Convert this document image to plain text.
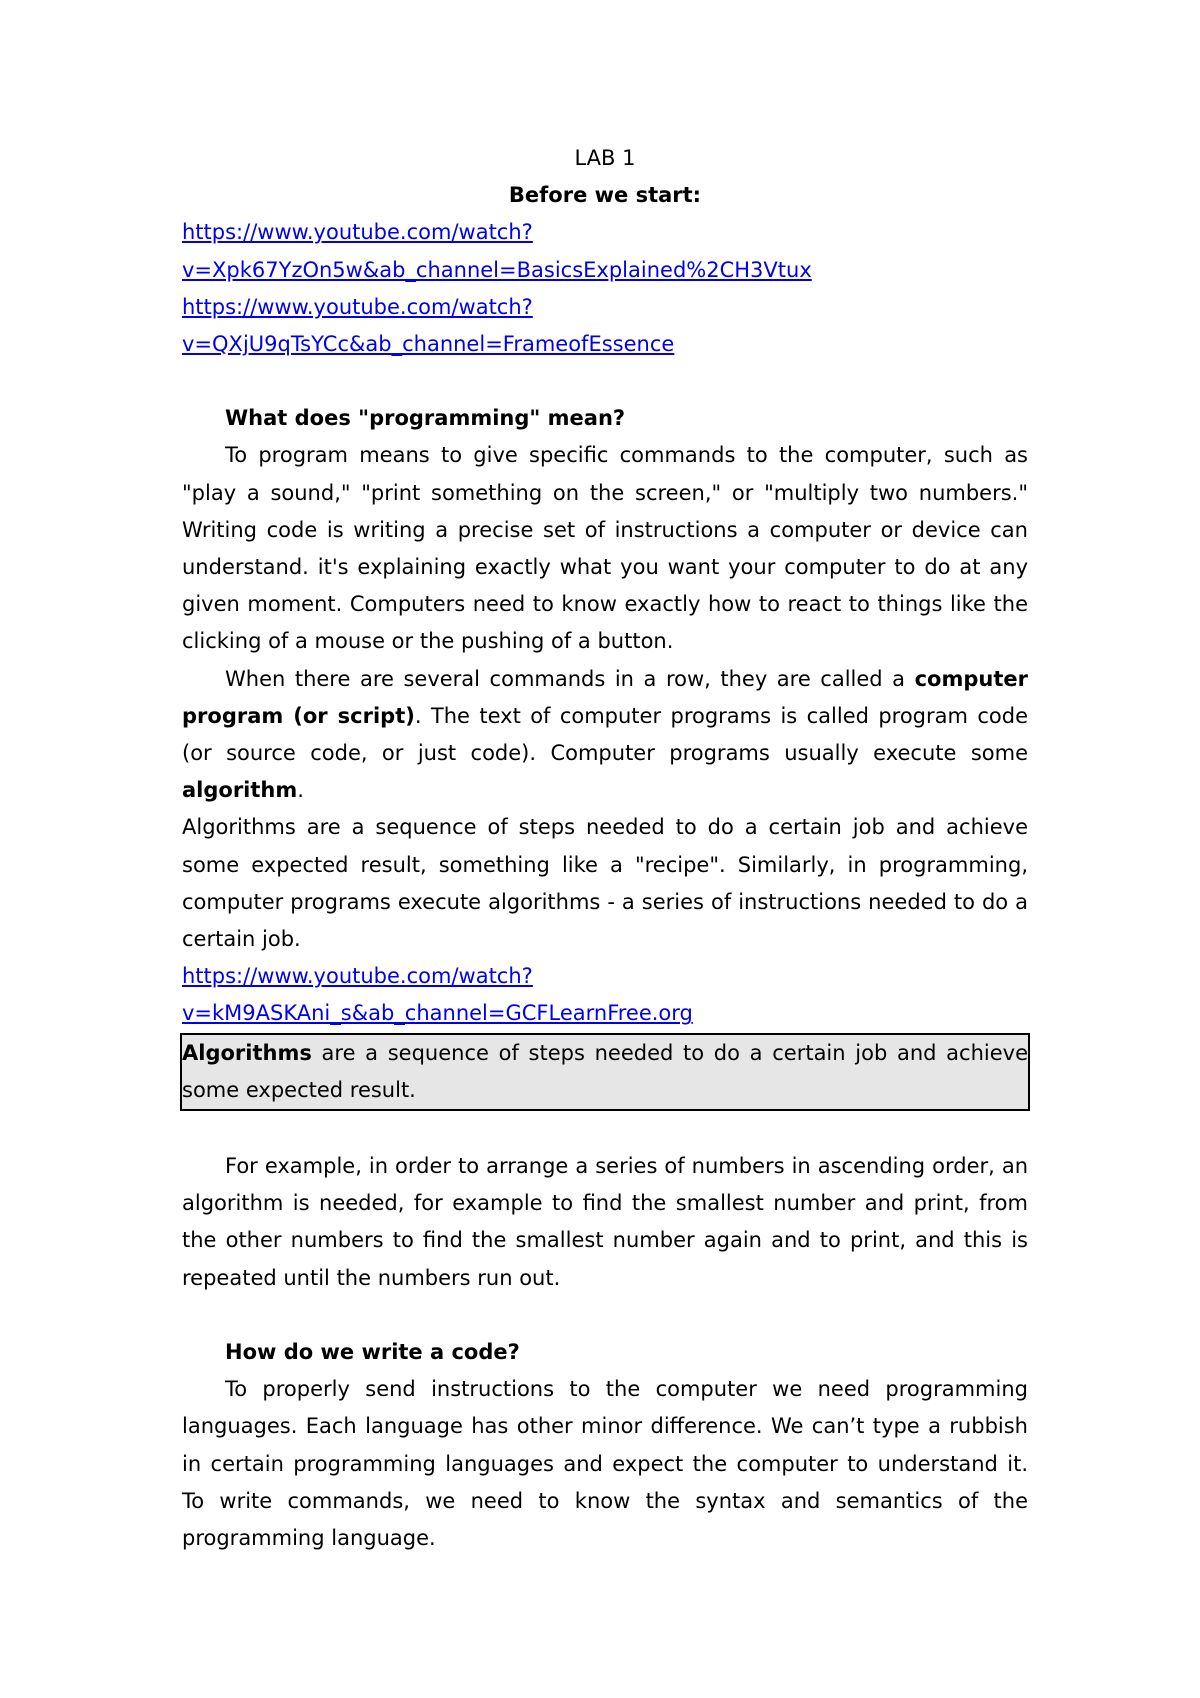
LAB 1

Before we start:

https://www.youtube.com/watch?
v=Xpk67YzOn5w&ab_channel=BasicsExplained%2CH3Vtux
https://www.youtube.com/watch?
v=QXjU9qTsYCc&ab_channel=FrameofEssence

What does "programming" mean?

To program means to give specific commands to the computer, such as "play a sound," "print something on the screen," or "multiply two numbers." Writing code is writing a precise set of instructions a computer or device can understand. it's explaining exactly what you want your computer to do at any given moment. Computers need to know exactly how to react to things like the clicking of a mouse or the pushing of a button.

When there are several commands in a row, they are called a computer program (or script). The text of computer programs is called program code (or source code, or just code). Computer programs usually execute some algorithm.

Algorithms are a sequence of steps needed to do a certain job and achieve some expected result, something like a "recipe". Similarly, in programming, computer programs execute algorithms - a series of instructions needed to do a certain job.

https://www.youtube.com/watch?
v=kM9ASKAni_s&ab_channel=GCFLearnFree.org
Algorithms are a sequence of steps needed to do a certain job and achieve some expected result.

For example, in order to arrange a series of numbers in ascending order, an algorithm is needed, for example to find the smallest number and print, from the other numbers to find the smallest number again and to print, and this is repeated until the numbers run out.

How do we write a code?

To properly send instructions to the computer we need programming languages. Each language has other minor difference. We can’t type a rubbish in certain programming languages and expect the computer to understand it. To write commands, we need to know the syntax and semantics of the programming language.
